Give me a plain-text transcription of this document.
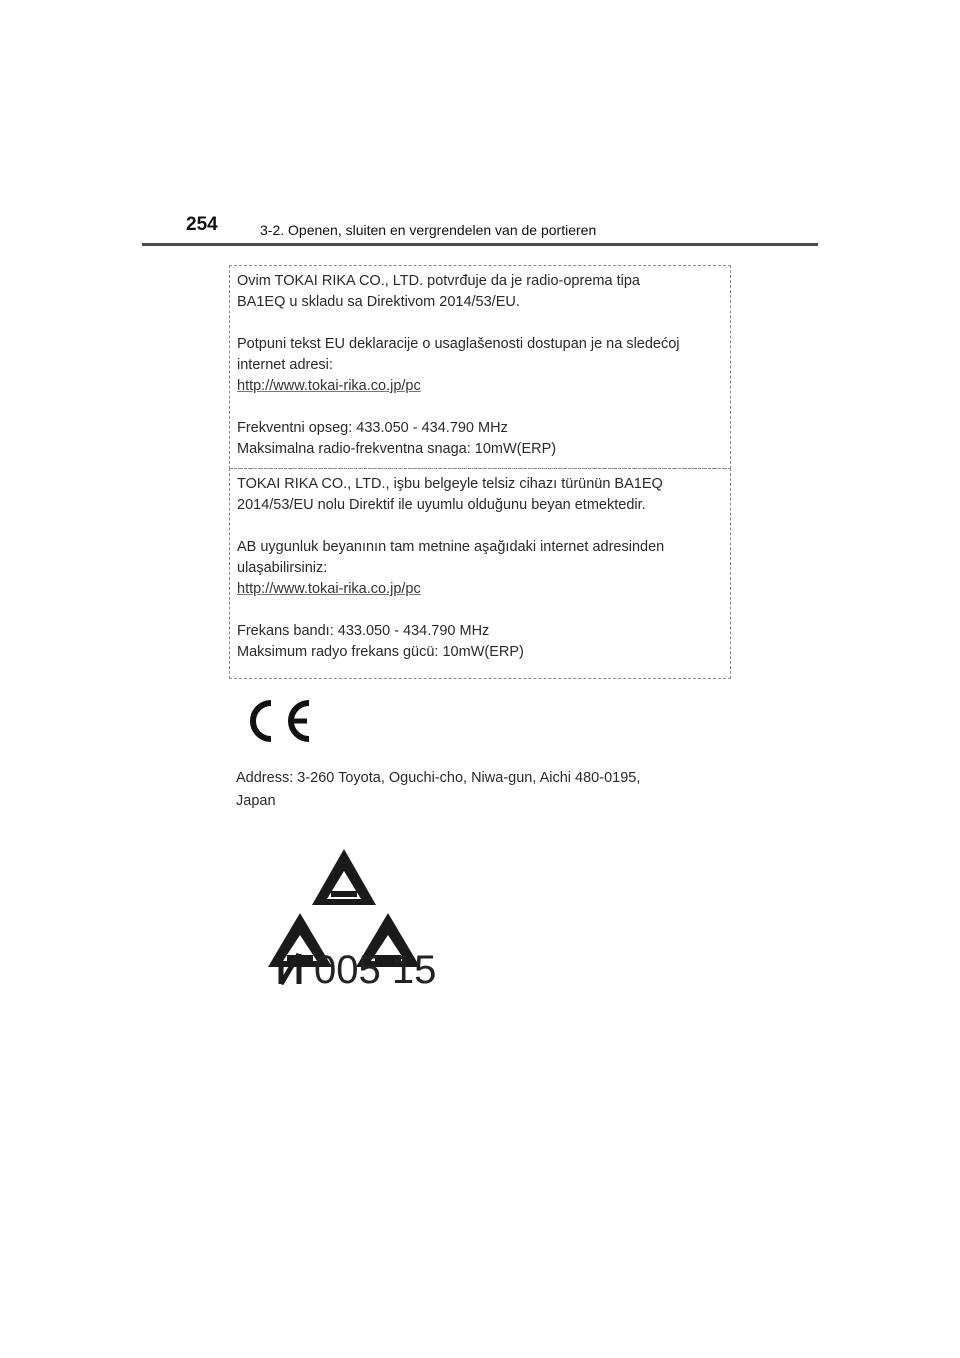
254	3-2. Openen, sluiten en vergrendelen van de portieren

Ovim TOKAI RIKA CO., LTD. potvrđuje da je radio-oprema tipa

BA1EQ u skladu sa Direktivom 2014/53/EU.

Potpuni tekst EU deklaracije o usaglašenosti dostupan je na sledećoj

internet adresi:

http://www.tokai-rika.co.jp/pc

Frekventni opseg: 433.050 - 434.790 MHz

Maksimalna radio-frekventna snaga: 10mW(ERP)

TOKAI RIKA CO., LTD., işbu belgeyle telsiz cihazı türünün BA1EQ

2014/53/EU nolu Direktif ile uyumlu olduğunu beyan etmektedir.

AB uygunluk beyanının tam metnine aşağıdaki internet adresinden

ulaşabilirsiniz:

http://www.tokai-rika.co.jp/pc

Frekans bandı: 433.050 - 434.790 MHz

Maksimum radyo frekans gücü: 10mW(ERP)

Address: 3-260 Toyota, Oguchi-cho, Niwa-gun, Aichi 480-0195,
Japan
005 15
